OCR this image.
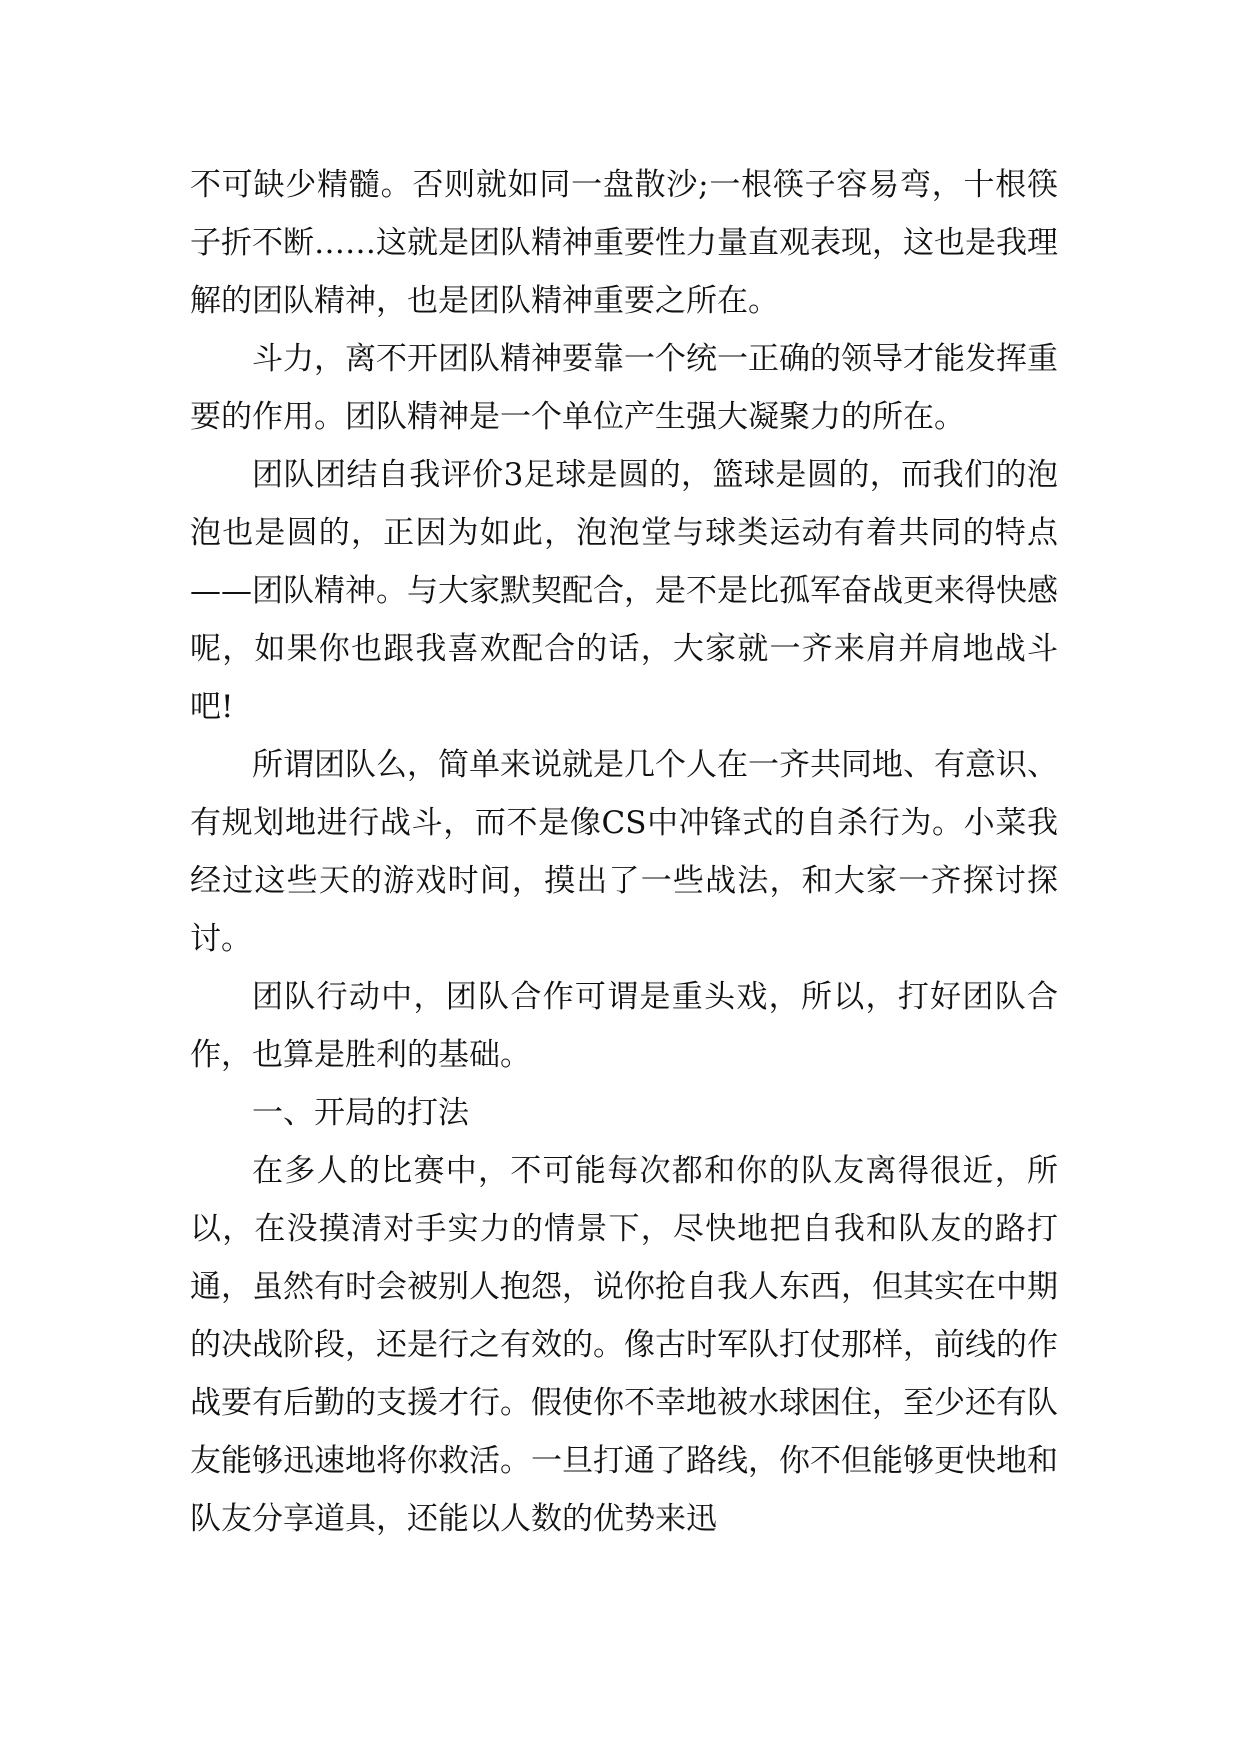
不可缺少精髓。否则就如同一盘散沙;一根筷子容易弯，十根筷子折不断……这就是团队精神重要性力量直观表现，这也是我理解的团队精神，也是团队精神重要之所在。

斗力，离不开团队精神要靠一个统一正确的领导才能发挥重要的作用。团队精神是一个单位产生强大凝聚力的所在。

团队团结自我评价3足球是圆的，篮球是圆的，而我们的泡泡也是圆的，正因为如此，泡泡堂与球类运动有着共同的特点——团队精神。与大家默契配合，是不是比孤军奋战更来得快感呢，如果你也跟我喜欢配合的话，大家就一齐来肩并肩地战斗吧!

所谓团队么，简单来说就是几个人在一齐共同地、有意识、有规划地进行战斗，而不是像CS中冲锋式的自杀行为。小菜我经过这些天的游戏时间，摸出了一些战法，和大家一齐探讨探讨。

团队行动中，团队合作可谓是重头戏，所以，打好团队合作，也算是胜利的基础。

一、开局的打法

在多人的比赛中，不可能每次都和你的队友离得很近，所以，在没摸清对手实力的情景下，尽快地把自我和队友的路打通，虽然有时会被别人抱怨，说你抢自我人东西，但其实在中期的决战阶段，还是行之有效的。像古时军队打仗那样，前线的作战要有后勤的支援才行。假使你不幸地被水球困住，至少还有队友能够迅速地将你救活。一旦打通了路线，你不但能够更快地和队友分享道具，还能以人数的优势来迅
